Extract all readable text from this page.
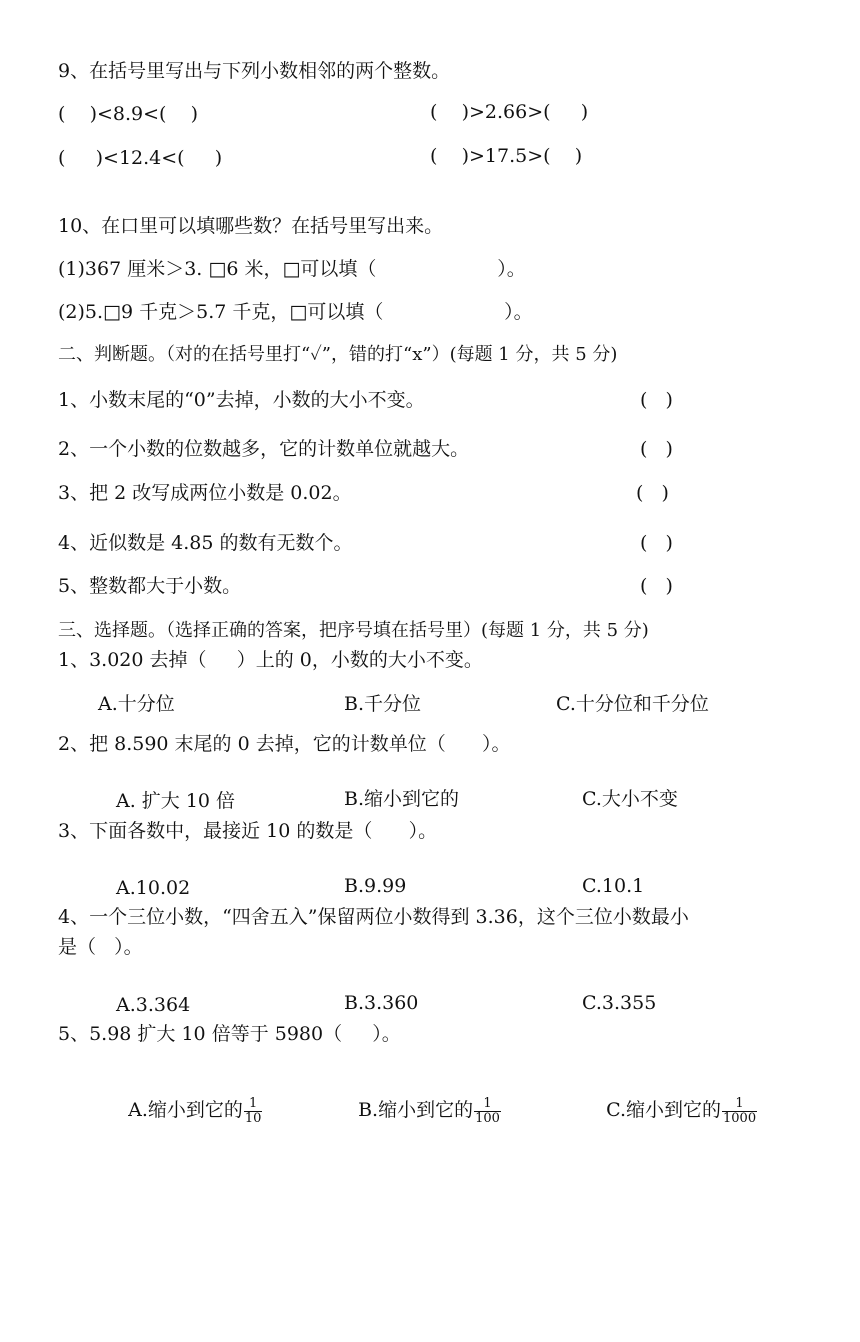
9、在括号里写出与下列小数相邻的两个整数。
(    )<8.9<(    )	(    )>2.66>(     )
(     )<12.4<(     )	(    )>17.5>(    )
10、在口里可以填哪些数？在括号里写出来。
(1)367 厘米＞3. □6 米，□可以填（                    ）。
(2)5.□9 千克＞5.7 千克，□可以填（                    ）。
二、判断题。（对的在括号里打“✓”，错的打“x”）(每题 1 分，共 5 分)
1、小数末尾的“0”去掉，小数的大小不变。	(   )
2、一个小数的位数越多，它的计数单位就越大。	(   )
3、把 2 改写成两位小数是 0.02。	(   )
4、近似数是 4.85 的数有无数个。	(   )
5、整数都大于小数。	(   )
三、选择题。（选择正确的答案，把序号填在括号里）(每题 1 分，共 5 分)
1、3.020 去掉（     ）上的 0，小数的大小不变。
A.十分位	B.千分位	C.十分位和千分位
2、把 8.590 末尾的 0 去掉，它的计数单位（      ）。
A. 扩大 10 倍	B.缩小到它的	C.大小不变
3、下面各数中，最接近 10 的数是（      ）。
A.10.02	B.9.99	C.10.1
4、一个三位小数，“四舍五入”保留两位小数得到 3.36，这个三位小数最小
是（   ）。
A.3.364	B.3.360	C.3.355
5、5.98 扩大 10 倍等于 5980（     ）。

A.缩小到它的 $\frac{1}{10}$	B.缩小到它的 $\frac{1}{100}$	C.缩小到它的 $\frac{1}{1000}$
